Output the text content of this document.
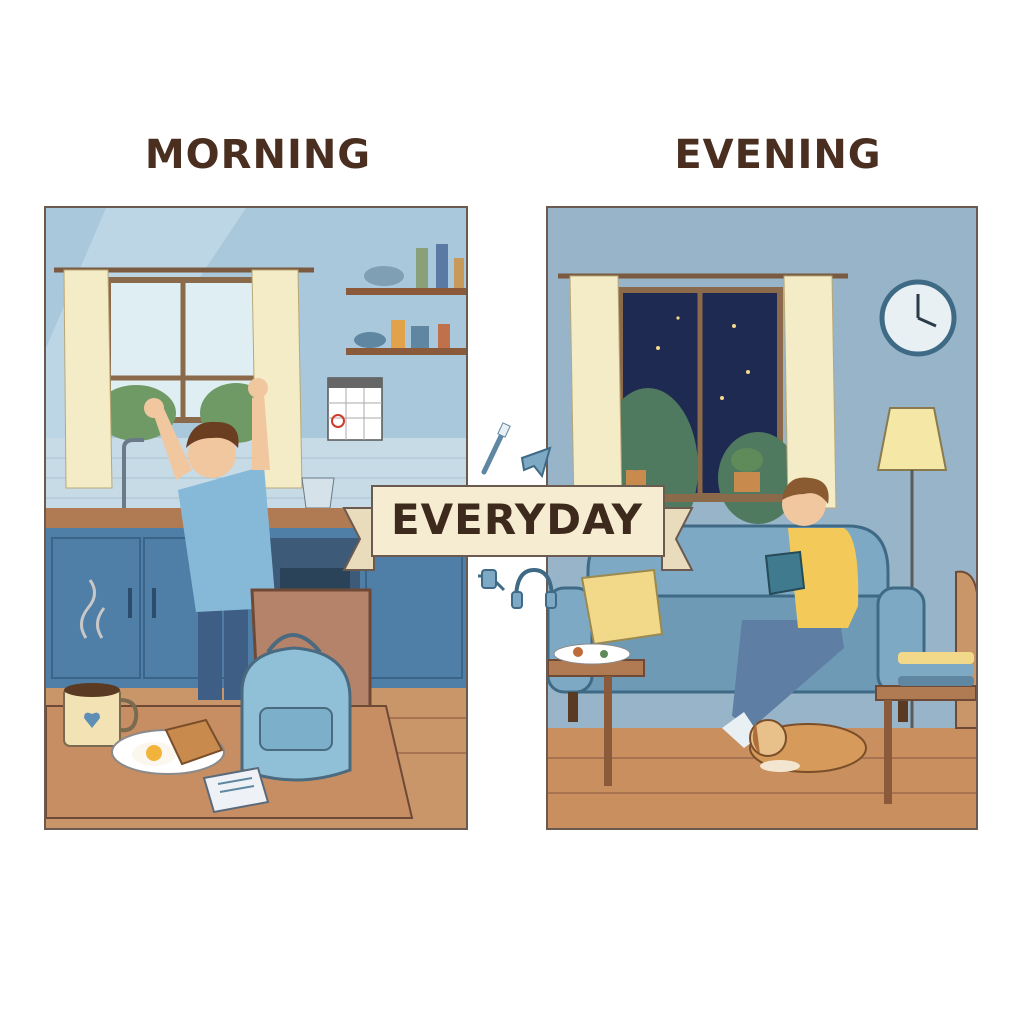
MORNING	EVENING
EVERYDAY
